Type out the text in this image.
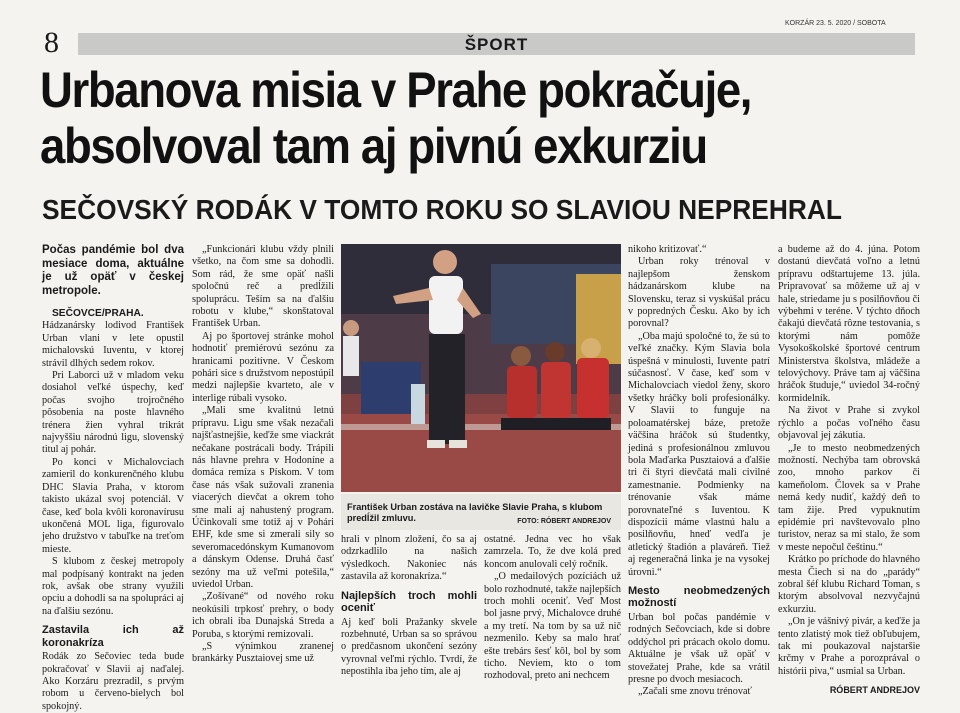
8	ŠPORT
KORZÁR 23. 5. 2020 / SOBOTA
Urbanova misia v Prahe pokračuje,
absolvoval tam aj pivnú exkurziu
SEČOVSKÝ RODÁK V TOMTO ROKU SO SLAVIOU NEPREHRAL
Počas pandémie bol dva mesiace doma, aktuálne je už opäť v českej metropole.

SEČOVCE/PRAHA. Hádzanársky lodivod František Urban vlani v lete opustil michalovskú Iuventu, v ktorej strávil dlhých sedem rokov.

Pri Laborci už v mladom veku dosiahol veľké úspechy, keď počas svojho trojročného pôsobenia na poste hlavného trénera žien vyhral trikrát najvyššiu národnú ligu, slovenský titul aj pohár.

Po konci v Michalovciach zamieril do konkurenčného klubu DHC Slavia Praha, v ktorom takisto ukázal svoj potenciál. V čase, keď bola kvôli koronavírusu ukončená MOL liga, figurovalo jeho družstvo v tabuľke na treťom mieste.

S klubom z českej metropoly mal podpísaný kontrakt na jeden rok, avšak obe strany využili opciu a dohodli sa na spolupráci aj na ďalšiu sezónu.

Zastavila ich až koronakríza

Rodák zo Sečoviec teda bude pokračovať v Slavii aj naďalej. Ako Korzáru prezradil, s prvým robom u červeno-bielych bol spokojný.

„Funkcionári klubu vždy plnili všetko, na čom sme sa dohodli. Som rád, že sme opäť našli spoločnú reč a predĺžili spoluprácu. Teším sa na ďalšiu robotu v klube,“ skonštatoval František Urban.

Aj po športovej stránke mohol hodnotiť premiérovú sezónu za hranicami pozitívne. V Českom pohári sice s družstvom nepostúpil medzi najlepšie kvarteto, ale v interlige rúbali vysoko.

„Mali sme kvalitnú letnú prípravu. Ligu sme však nezačali najšťastnejšie, keďže sme viackrát nečakane postrácali body. Trápili nás hlavne prehra v Hodoníne a domáca remíza s Pískom. V tom čase nás však sužovali zranenia viacerých dievčat a okrem toho sme mali aj nahustený program. Účinkovali sme totiž aj v Pohári EHF, kde sme si zmerali sily so severomacedónskym Kumanovom a dánskym Odense. Druhá časť sezóny ma už veľmi potešila,“ uviedol Urban.

„Zošívané“ od nového roku neokúsili trpkosť prehry, o body ich obrali iba Dunajská Streda a Poruba, s ktorými remizovali.

„S výnimkou zranenej brankárky Pusztaiovej sme už

František Urban zostáva na lavičke Slavie Praha, s klubom predĺžil zmluvu.	FOTO: RÓBERT ANDREJOV

hrali v plnom zložení, čo sa aj odzrkadlilo na našich výsledkoch. Nakoniec nás zastavila až koronakríza.“

Najlepších troch mohli oceniť

Aj keď boli Pražanky skvele rozbehnuté, Urban sa so správou o predčasnom ukončení sezóny vyrovnal veľmi rýchlo. Tvrdí, že nepostihla iba jeho tím, ale aj

ostatné. Jedna vec ho však zamrzela. To, že dve kolá pred koncom anulovali celý ročník.

„O medailových pozíciách už bolo rozhodnuté, takže najlepších troch mohli oceniť. Veď Most bol jasne prvý, Michalovce druhé a my tretí. Na tom by sa už nič nezmenilo. Keby sa malo hrať ešte trebárs šesť kôl, bol by som ticho. Neviem, kto o tom rozhodoval, preto ani nechcem

nikoho kritizovať.“

Urban roky trénoval v najlepšom ženskom hádzanárskom klube na Slovensku, teraz si vyskúšal prácu v popredných Česku. Ako by ich porovnal?

„Oba majú spoločné to, že sú to veľké značky. Kým Slavia bola úspešná v minulosti, Iuvente patrí súčasnosť. V čase, keď som v Michalovciach viedol ženy, skoro všetky hráčky boli profesionálky. V Slavii to funguje na poloamatérskej báze, pretože väčšina hráčok sú študentky, jediná s profesionálnou zmluvou bola Maďarka Pusztaiová a ďalšie tri či štyri dievčatá mali civilné zamestnanie. Podmienky na trénovanie však máme porovnateľné s Iuventou. K dispozícii máme vlastnú halu a posilňovňu, hneď vedľa je atletický štadión a plaváreň. Tiež aj regeneračná linka je na vysokej úrovni.“

Mesto neobmedzených možností

Urban bol počas pandémie v rodných Sečovciach, kde si dobre oddýchol pri prácach okolo domu. Aktuálne je však už opäť v stovežatej Prahe, kde sa vrátil presne po dvoch mesiacoch.

„Začali sme znovu trénovať

a budeme až do 4. júna. Potom dostanú dievčatá voľno a letnú prípravu odštartujeme 13. júla. Pripravovať sa môžeme už aj v hale, striedame ju s posilňovňou či výbehmi v teréne. V týchto dňoch čakajú dievčatá rôzne testovania, s ktorými nám pomôže Vysokoškolské športové centrum Ministerstva školstva, mládeže a telovýchovy. Práve tam aj väčšina hráčok študuje,“ uviedol 34-ročný kormidelník.

Na život v Prahe si zvykol rýchlo a počas voľného času objavoval jej zákutia.

„Je to mesto neobmedzených možností. Nechýba tam obrovská zoo, mnoho parkov či kameňolom. Človek sa v Prahe nemá kedy nudiť, každý deň to tam žije. Pred vypuknutím epidémie pri navštevovalo plno turistov, neraz sa mi stalo, že som v meste nepočul češtinu.“

Krátko po príchode do hlavného mesta Čiech si na do „parády“ zobral šéf klubu Richard Toman, s ktorým absolvoval nezvyčajnú exkurziu.

„On je vášnivý pivár, a keďže ja tento zlatistý mok tiež obľubujem, tak mi poukazoval najstaršie krčmy v Prahe a porozprával o histórii piva,“ usmial sa Urban.

RÓBERT ANDREJOV
